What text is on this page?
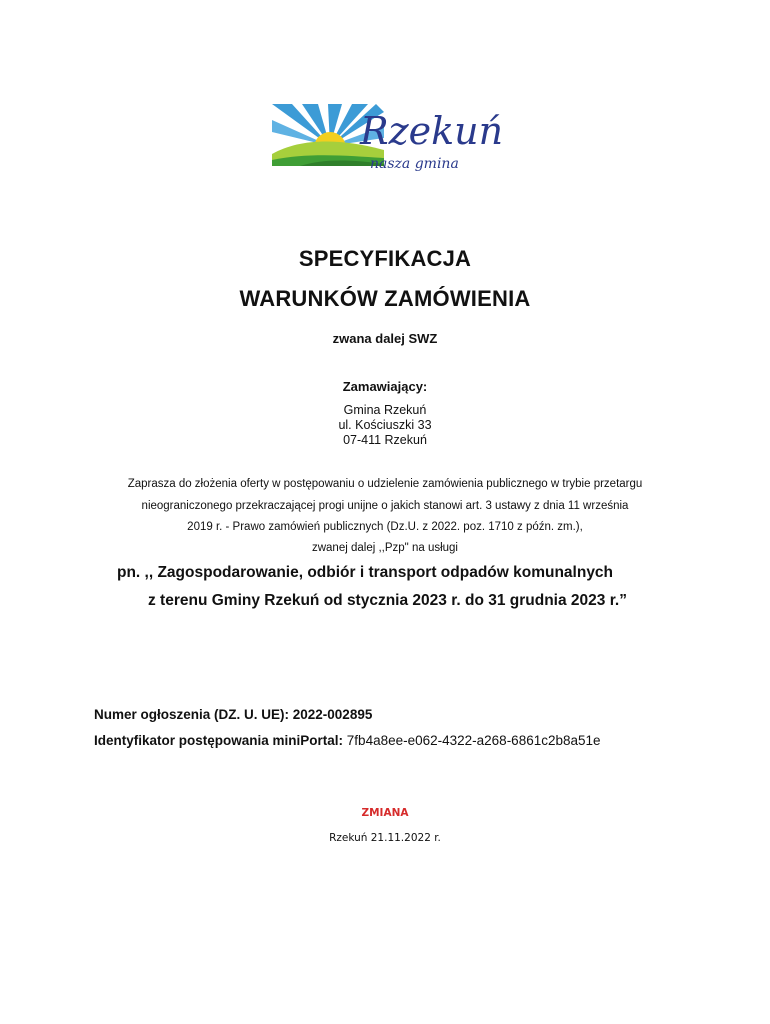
Rzekuń
nasza gmina
SPECYFIKACJA
WARUNKÓW ZAMÓWIENIA
zwana dalej SWZ
Zamawiający:
Gmina Rzekuń
ul. Kościuszki 33
07-411 Rzekuń
Zaprasza do złożenia oferty w postępowaniu o udzielenie zamówienia publicznego w trybie przetargu
nieograniczonego przekraczającej progi unijne o jakich stanowi art. 3 ustawy z dnia 11 września
2019 r. - Prawo zamówień publicznych (Dz.U. z 2022. poz. 1710 z późn. zm.),
zwanej dalej ,,Pzp" na usługi
pn. ,, Zagospodarowanie, odbiór i transport odpadów komunalnych
z terenu Gminy Rzekuń od stycznia 2023 r. do 31 grudnia 2023 r.”
Numer ogłoszenia (DZ. U. UE): 2022-002895
Identyfikator postępowania miniPortal: 7fb4a8ee-e062-4322-a268-6861c2b8a51e
ZMIANA
Rzekuń 21.11.2022 r.
